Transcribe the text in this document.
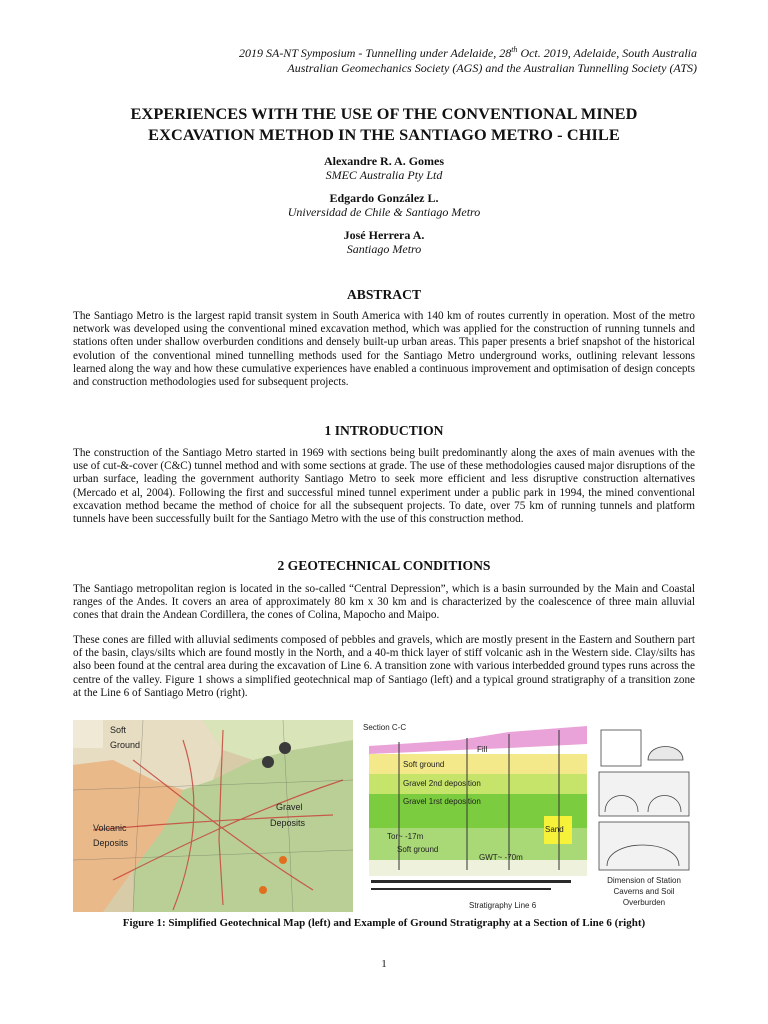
2019 SA-NT Symposium - Tunnelling under Adelaide, 28th Oct. 2019, Adelaide, South Australia
Australian Geomechanics Society (AGS) and the Australian Tunnelling Society (ATS)
EXPERIENCES WITH THE USE OF THE CONVENTIONAL MINED
EXCAVATION METHOD IN THE SANTIAGO METRO - CHILE
Alexandre R. A. Gomes
SMEC Australia Pty Ltd
Edgardo González L.
Universidad de Chile & Santiago Metro
José Herrera A.
Santiago Metro
ABSTRACT
The Santiago Metro is the largest rapid transit system in South America with 140 km of routes currently in operation. Most of the metro network was developed using the conventional mined excavation method, which was applied for the construction of running tunnels and stations often under shallow overburden conditions and densely built-up urban areas. This paper presents a brief snapshot of the historical evolution of the conventional mined tunnelling methods used for the Santiago Metro underground works, outlining relevant lessons learned along the way and how these cumulative experiences have enabled a continuous improvement and optimisation of design concepts and construction methodologies used for subsequent projects.
1 INTRODUCTION
The construction of the Santiago Metro started in 1969 with sections being built predominantly along the axes of main avenues with the use of cut-&-cover (C&C) tunnel method and with some sections at grade. The use of these methodologies caused major disruptions of the urban surface, leading the government authority Santiago Metro to seek more efficient and less disruptive construction alternatives (Mercado et al, 2004). Following the first and successful mined tunnel experiment under a public park in 1994, the mined conventional excavation method became the method of choice for all the subsequent projects. To date, over 75 km of running tunnels and platform tunnels have been successfully built for the Santiago Metro with the use of this construction method.
2 GEOTECHNICAL CONDITIONS
The Santiago metropolitan region is located in the so-called “Central Depression”, which is a basin surrounded by the Main and Coastal ranges of the Andes. It covers an area of approximately 80 km x 30 km and is characterized by the coalescence of three main alluvial cones that drain the Andean Cordillera, the cones of Colina, Mapocho and Maipo.
These cones are filled with alluvial sediments composed of pebbles and gravels, which are mostly present in the Eastern and Southern part of the basin, clays/silts which are found mostly in the North, and a 40-m thick layer of stiff volcanic ash in the Western side. Clay/silts has also been found at the central area during the excavation of Line 6. A transition zone with various interbedded ground types runs across the centre of the valley. Figure 1 shows a simplified geotechnical map of Santiago (left) and a typical ground stratigraphy of a transition zone at the Line 6 of Santiago Metro (right).
Soft
Ground
Gravel
Deposits
Volcanic
Deposits
Section C-C
Fill
Soft ground
Gravel 2nd deposition
Gravel 1rst deposition
Sand
Soft ground
Tor~ -17m
GWT~ -70m
Stratigraphy Line 6
Dimension of Station
Caverns and Soil
Overburden
Figure 1: Simplified Geotechnical Map (left) and Example of Ground Stratigraphy at a Section of Line 6 (right)
1
